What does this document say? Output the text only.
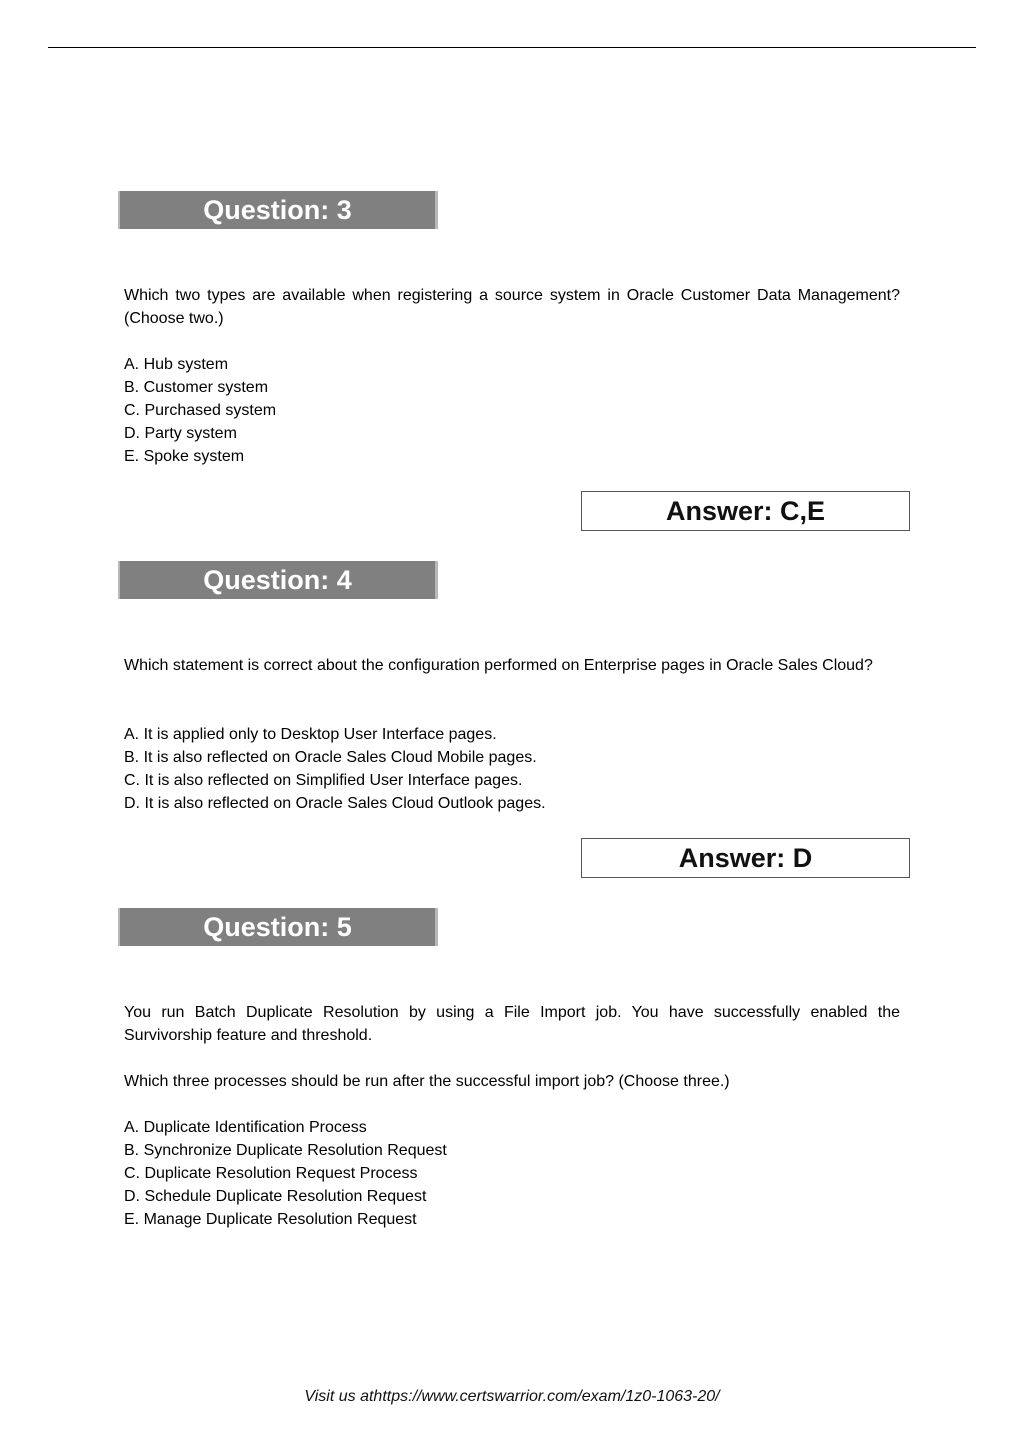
Question: 3

Which two types are available when registering a source system in Oracle Customer Data Management? (Choose two.)

A. Hub system
B. Customer system
C. Purchased system
D. Party system
E. Spoke system
Answer: C,E
Question: 4

Which statement is correct about the configuration performed on Enterprise pages in Oracle Sales Cloud?

A. It is applied only to Desktop User Interface pages.
B. It is also reflected on Oracle Sales Cloud Mobile pages.
C. It is also reflected on Simplified User Interface pages.
D. It is also reflected on Oracle Sales Cloud Outlook pages.
Answer: D
Question: 5

You run Batch Duplicate Resolution by using a File Import job. You have successfully enabled the Survivorship feature and threshold.

Which three processes should be run after the successful import job? (Choose three.)

A. Duplicate Identification Process
B. Synchronize Duplicate Resolution Request
C. Duplicate Resolution Request Process
D. Schedule Duplicate Resolution Request
E. Manage Duplicate Resolution Request
Visit us athttps://www.certswarrior.com/exam/1z0-1063-20/
